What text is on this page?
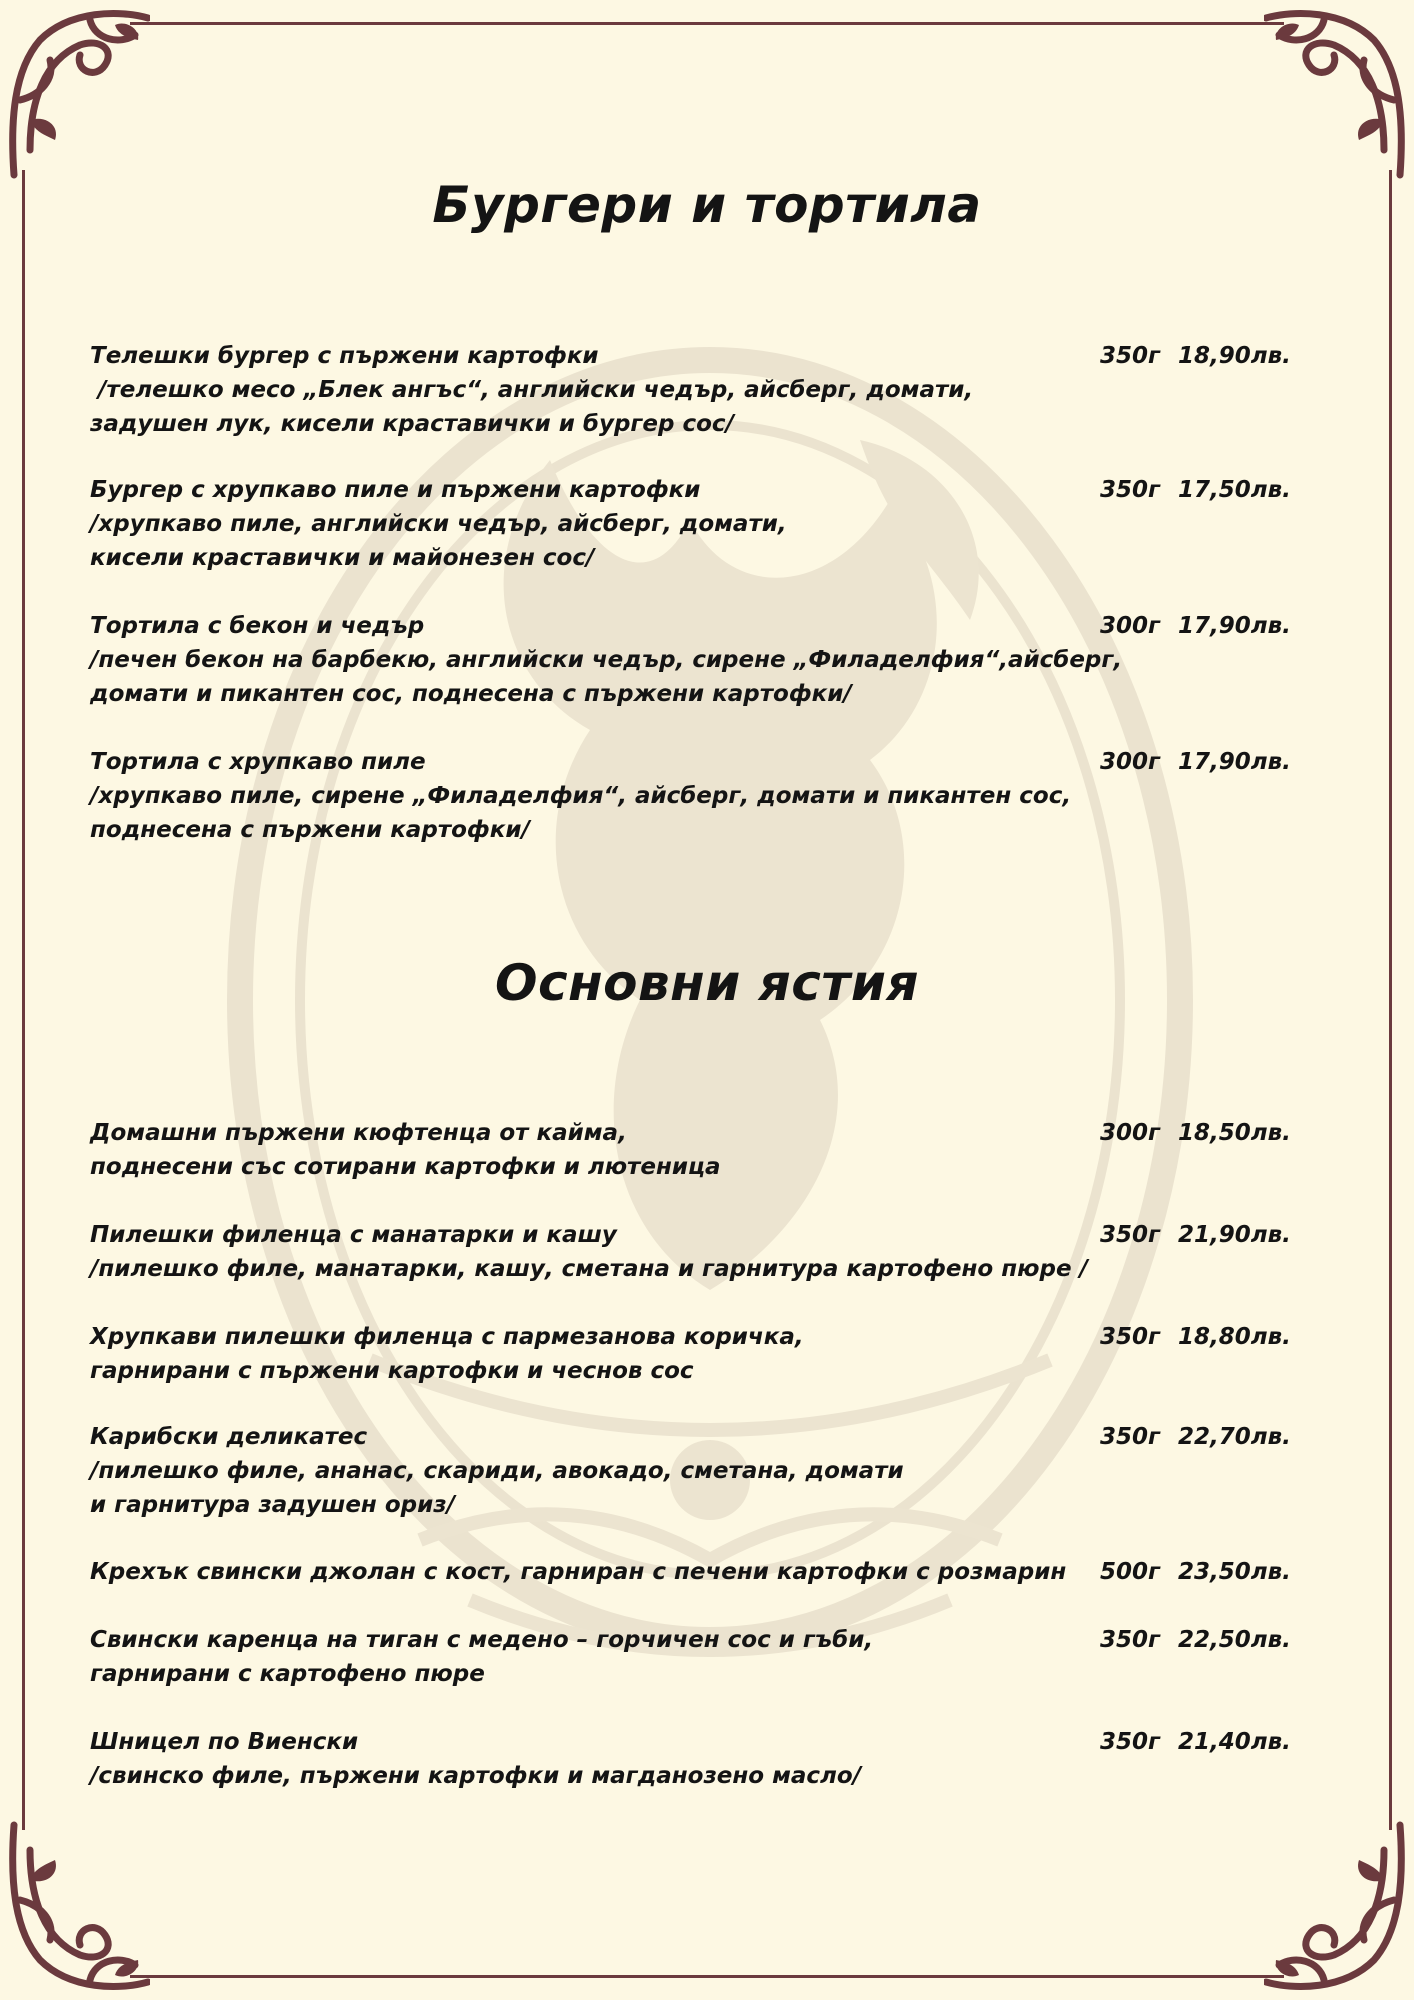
Бургери и тортила
Телешки бургер с пържени картофки	350г 18,90лв.
/телешко месо „Блек ангъс“, английски чедър, айсберг, домати,
задушен лук, кисели краставички и бургер сос/
Бургер с хрупкаво пиле и пържени картофки	350г 17,50лв.
/хрупкаво пиле, английски чедър, айсберг, домати,
кисели краставички и майонезен сос/
Тортила с бекон и чедър	300г 17,90лв.
/печен бекон на барбекю, английски чедър, сирене „Филаделфия“,айсберг,
домати и пикантен сос, поднесена с пържени картофки/
Тортила с хрупкаво пиле	300г 17,90лв.
/хрупкаво пиле, сирене „Филаделфия“, айсберг, домати и пикантен сос,
поднесена с пържени картофки/
Основни ястия
Домашни пържени кюфтенца от кайма,	300г 18,50лв.
поднесени със сотирани картофки и лютеница
Пилешки филенца с манатарки и кашу	350г 21,90лв.
/пилешко филе, манатарки, кашу, сметана и гарнитура картофено пюре /
Хрупкави пилешки филенца с пармезанова коричка,	350г 18,80лв.
гарнирани с пържени картофки и чеснов сос
Карибски деликатес	350г 22,70лв.
/пилешко филе, ананас, скариди, авокадо, сметана, домати
и гарнитура задушен ориз/
Крехък свински джолан с кост, гарниран с печени картофки с розмарин	500г 23,50лв.
Свински каренца на тиган с медено – горчичен сос и гъби,	350г 22,50лв.
гарнирани с картофено пюре
Шницел по Виенски	350г 21,40лв.
/свинско филе, пържени картофки и магданозено масло/
